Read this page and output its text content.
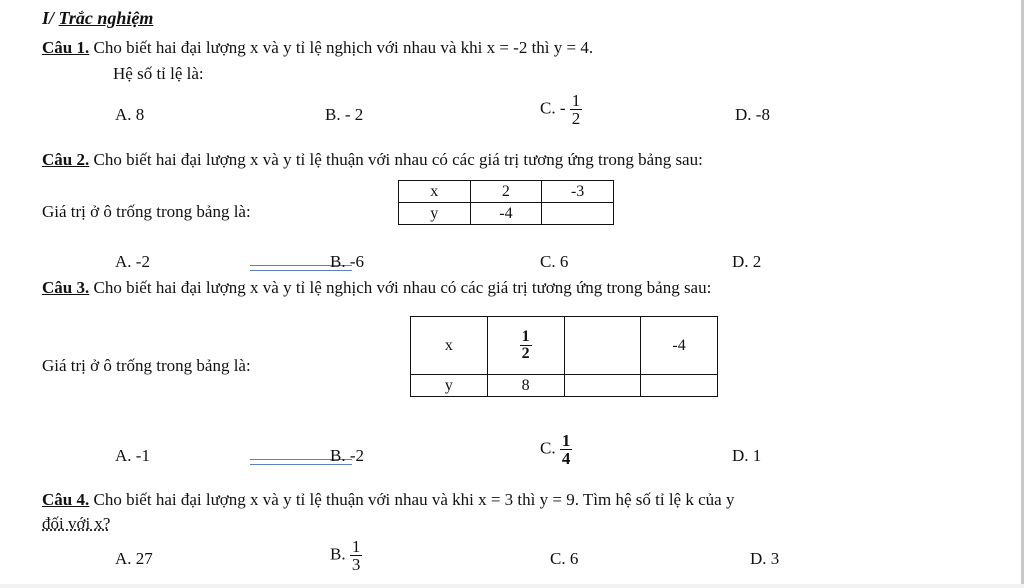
I/ Trắc nghiệm
Câu 1. Cho biết hai đại lượng x và y tỉ lệ nghịch với nhau và khi x = -2 thì y = 4.
Hệ số tỉ lệ là:
A. 8	B. - 2	C. - $\frac{1}{2}$	D. -8
Câu 2. Cho biết hai đại lượng x và y tỉ lệ thuận với nhau có các giá trị tương ứng trong bảng sau:
Giá trị ở ô trống trong bảng là:
x	2	-3
y	-4	
A. -2	B. -6	C. 6	D. 2
Câu 3. Cho biết hai đại lượng x và y tỉ lệ nghịch với nhau có các giá trị tương ứng trong bảng sau:
Giá trị ở ô trống trong bảng là:
x	$\frac{1}{2}$		-4
y	8		
A. -1	B. -2	C. $\frac{1}{4}$	D. 1
Câu 4. Cho biết hai đại lượng x và y tỉ lệ thuận với nhau và khi x = 3 thì y = 9. Tìm hệ số tỉ lệ k của y
đối với x?
A. 27	B. $\frac{1}{3}$	C. 6	D. 3
